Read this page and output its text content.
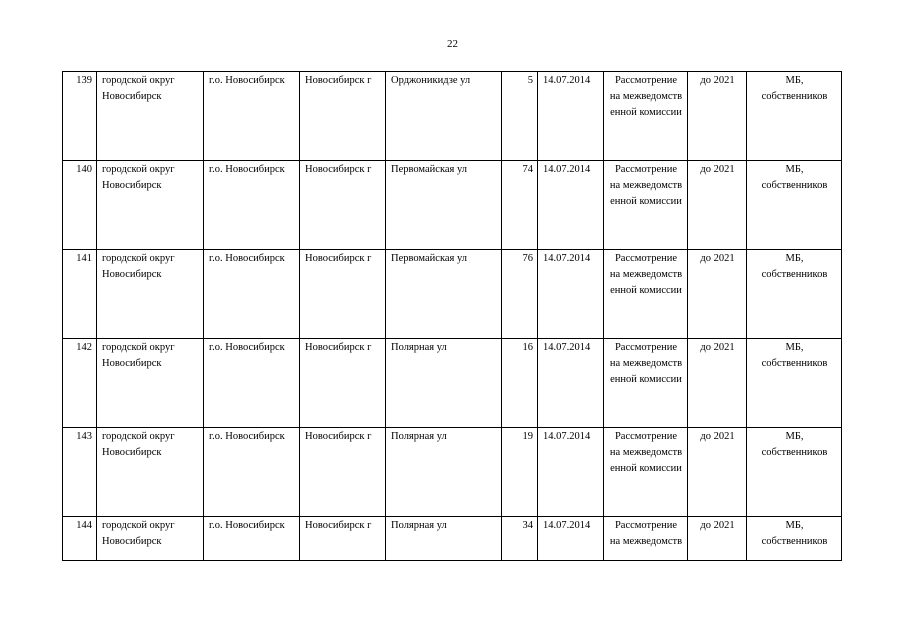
22
139	городской округ Новосибирск	г.о. Новосибирск	Новосибирск г	Орджоникидзе ул	5	14.07.2014	Рассмотрение на межведомств енной комиссии	до 2021	МБ, собственников
140	городской округ Новосибирск	г.о. Новосибирск	Новосибирск г	Первомайская ул	74	14.07.2014	Рассмотрение на межведомств енной комиссии	до 2021	МБ, собственников
141	городской округ Новосибирск	г.о. Новосибирск	Новосибирск г	Первомайская ул	76	14.07.2014	Рассмотрение на межведомств енной комиссии	до 2021	МБ, собственников
142	городской округ Новосибирск	г.о. Новосибирск	Новосибирск г	Полярная ул	16	14.07.2014	Рассмотрение на межведомств енной комиссии	до 2021	МБ, собственников
143	городской округ Новосибирск	г.о. Новосибирск	Новосибирск г	Полярная ул	19	14.07.2014	Рассмотрение на межведомств енной комиссии	до 2021	МБ, собственников
144	городской округ Новосибирск	г.о. Новосибирск	Новосибирск г	Полярная ул	34	14.07.2014	Рассмотрение на межведомств	до 2021	МБ, собственников
